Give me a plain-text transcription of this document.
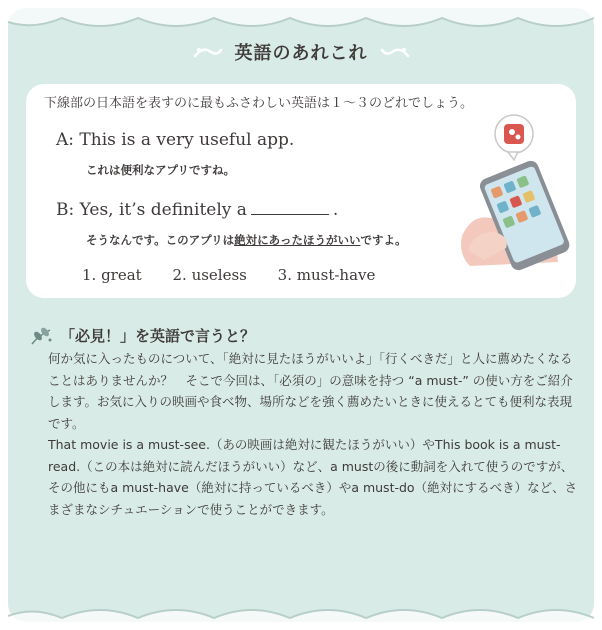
英語のあれこれ
下線部の日本語を表すのに最もふさわしい英語は１〜３のどれでしょう。
A: This is a very useful app.
これは便利なアプリですね。
B: Yes, it’s definitely a	.
そうなんです。このアプリは絶対にあったほうがいいですよ。
1. great 2. useless 3. must-have
「必見！」を英語で言うと？

何か気に入ったものについて、「絶対に見たほうがいいよ」「行くべきだ」と人に薦めたくなることはありませんか？　そこで今回は、「必須の」の意味を持つ “a must-” の使い方をご紹介します。お気に入りの映画や食べ物、場所などを強く薦めたいときに使えるとても便利な表現です。

That movie is a must-see.（あの映画は絶対に観たほうがいい）やThis book is a must-read.（この本は絶対に読んだほうがいい）など、a mustの後に動詞を入れて使うのですが、その他にもa must-have（絶対に持っているべき）やa must-do（絶対にするべき）など、さまざまなシチュエーションで使うことができます。
